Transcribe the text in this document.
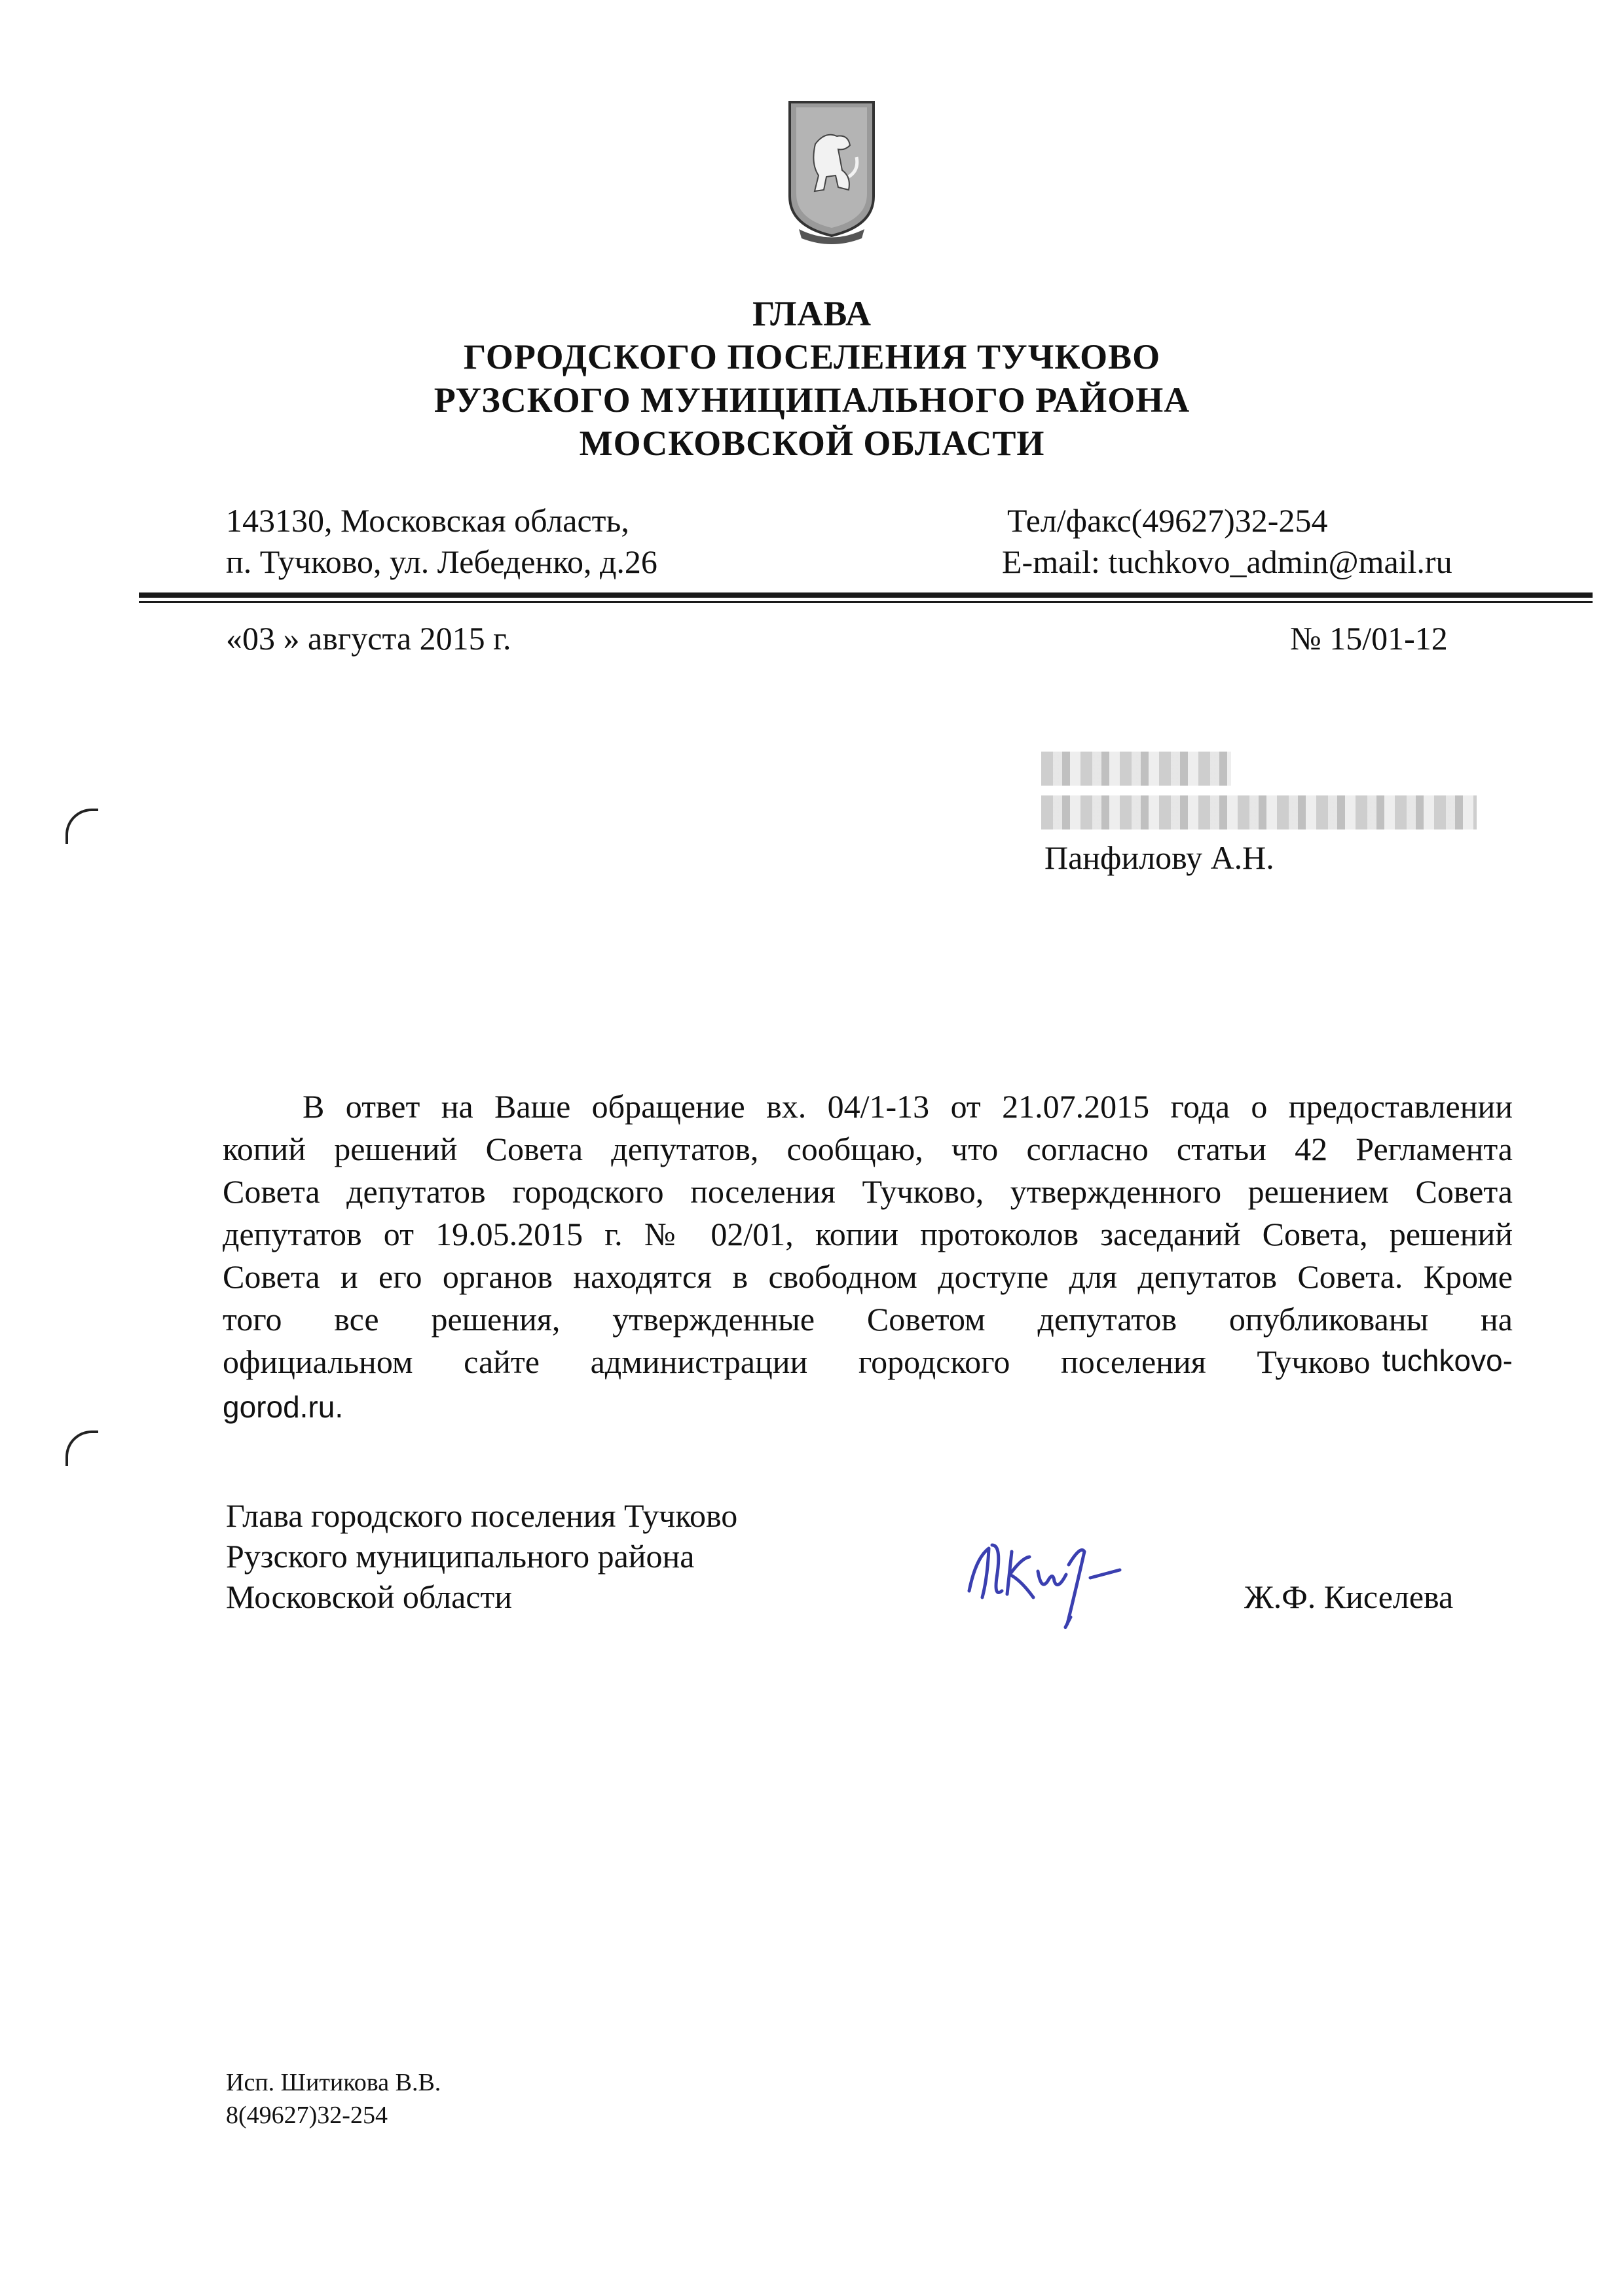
ГЛАВА
ГОРОДСКОГО ПОСЕЛЕНИЯ ТУЧКОВО
РУЗСКОГО МУНИЦИПАЛЬНОГО РАЙОНА
МОСКОВСКОЙ ОБЛАСТИ
143130, Московская область,
п. Тучково, ул. Лебеденко, д.26
Тел/факс(49627)32-254
E-mail: tuchkovo_admin@mail.ru
«03 » августа 2015 г.	№ 15/01-12
Панфилову А.Н.
В ответ на Ваше обращение вх. 04/1-13 от 21.07.2015 года о предоставлении
копий решений Совета депутатов, сообщаю, что согласно статьи 42 Регламента
Совета депутатов городского поселения Тучково, утвержденного решением Совета
депутатов от 19.05.2015 г. № 02/01, копии протоколов заседаний Совета, решений
Совета и его органов находятся в свободном доступе для депутатов Совета. Кроме
того все решения, утвержденные Советом депутатов опубликованы на
официальном сайте администрации городского поселения Тучково tuchkovo-
gorod.ru.
Глава городского поселения Тучково
Рузского муниципального района
Московской области	Ж.Ф. Киселева
Исп. Шитикова В.В.
8(49627)32-254
